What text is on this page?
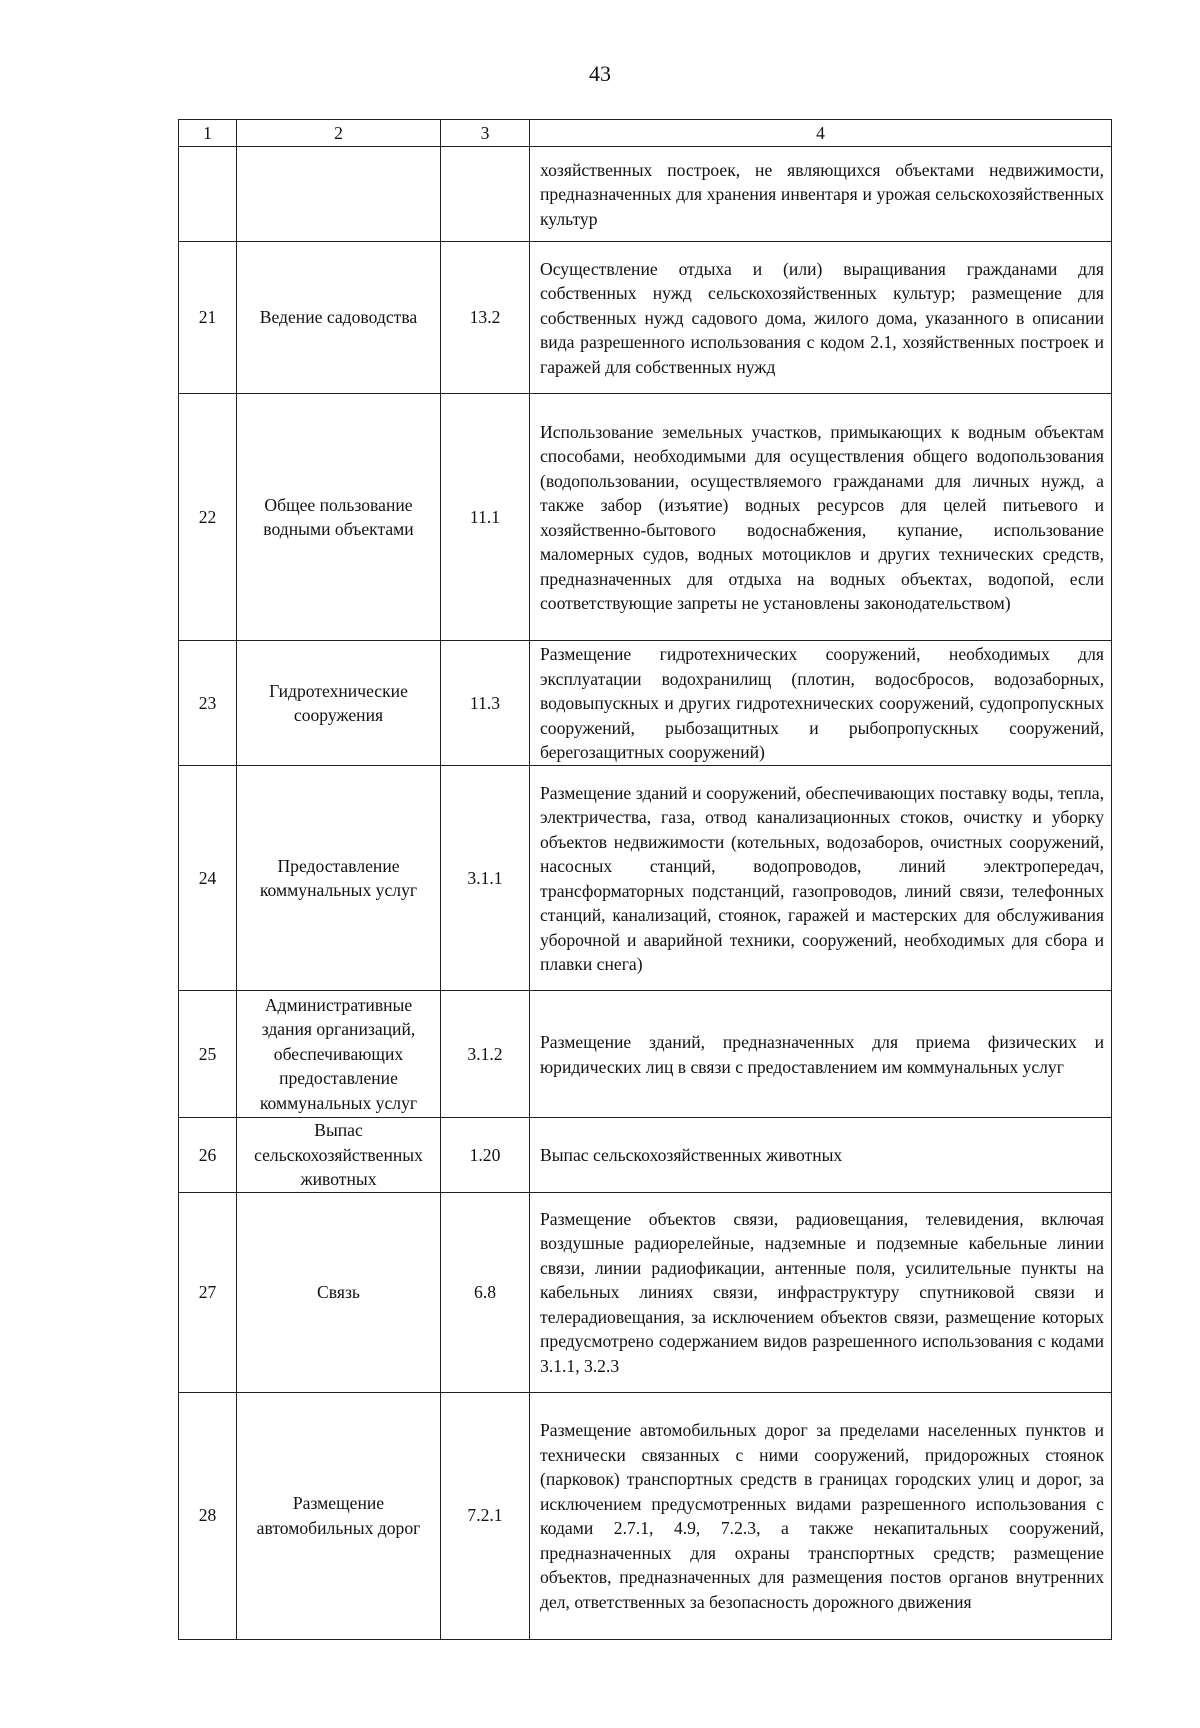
43
1	2	3	4
			хозяйственных построек, не являющихся объектами недвижимости, предназначенных для хранения инвентаря и урожая сельскохозяйственных культур
21	Ведение садоводства	13.2	Осуществление отдыха и (или) выращивания гражданами для собственных нужд сельскохозяйственных культур; размещение для собственных нужд садового дома, жилого дома, указанного в описании вида разрешенного использования с кодом 2.1, хозяйственных построек и гаражей для собственных нужд
22	Общее пользование водными объектами	11.1	Использование земельных участков, примыкающих к водным объектам способами, необходимыми для осуществления общего водопользования (водопользовании, осуществляемого гражданами для личных нужд, а также забор (изъятие) водных ресурсов для целей питьевого и хозяйственно-бытового водоснабжения, купание, использование маломерных судов, водных мотоциклов и других технических средств, предназначенных для отдыха на водных объектах, водопой, если соответствующие запреты не установлены законодательством)
23	Гидротехнические сооружения	11.3	Размещение гидротехнических сооружений, необходимых для эксплуатации водохранилищ (плотин, водосбросов, водозаборных, водовыпускных и других гидротехнических сооружений, судопропускных сооружений, рыбозащитных и рыбопропускных сооружений, берегозащитных сооружений)
24	Предоставление коммунальных услуг	3.1.1	Размещение зданий и сооружений, обеспечивающих поставку воды, тепла, электричества, газа, отвод канализационных стоков, очистку и уборку объектов недвижимости (котельных, водозаборов, очистных сооружений, насосных станций, водопроводов, линий электропередач, трансформаторных подстанций, газопроводов, линий связи, телефонных станций, канализаций, стоянок, гаражей и мастерских для обслуживания уборочной и аварийной техники, сооружений, необходимых для сбора и плавки снега)
25	Административные здания организаций, обеспечивающих предоставление коммунальных услуг	3.1.2	Размещение зданий, предназначенных для приема физических и юридических лиц в связи с предоставлением им коммунальных услуг
26	Выпас сельскохозяйственных животных	1.20	Выпас сельскохозяйственных животных
27	Связь	6.8	Размещение объектов связи, радиовещания, телевидения, включая воздушные радиорелейные, надземные и подземные кабельные линии связи, линии радиофикации, антенные поля, усилительные пункты на кабельных линиях связи, инфраструктуру спутниковой связи и телерадиовещания, за исключением объектов связи, размещение которых предусмотрено содержанием видов разрешенного использования с кодами 3.1.1, 3.2.3
28	Размещение автомобильных дорог	7.2.1	Размещение автомобильных дорог за пределами населенных пунктов и технически связанных с ними сооружений, придорожных стоянок (парковок) транспортных средств в границах городских улиц и дорог, за исключением предусмотренных видами разрешенного использования с кодами 2.7.1, 4.9, 7.2.3, а также некапитальных сооружений, предназначенных для охраны транспортных средств; размещение объектов, предназначенных для размещения постов органов внутренних дел, ответственных за безопасность дорожного движения
